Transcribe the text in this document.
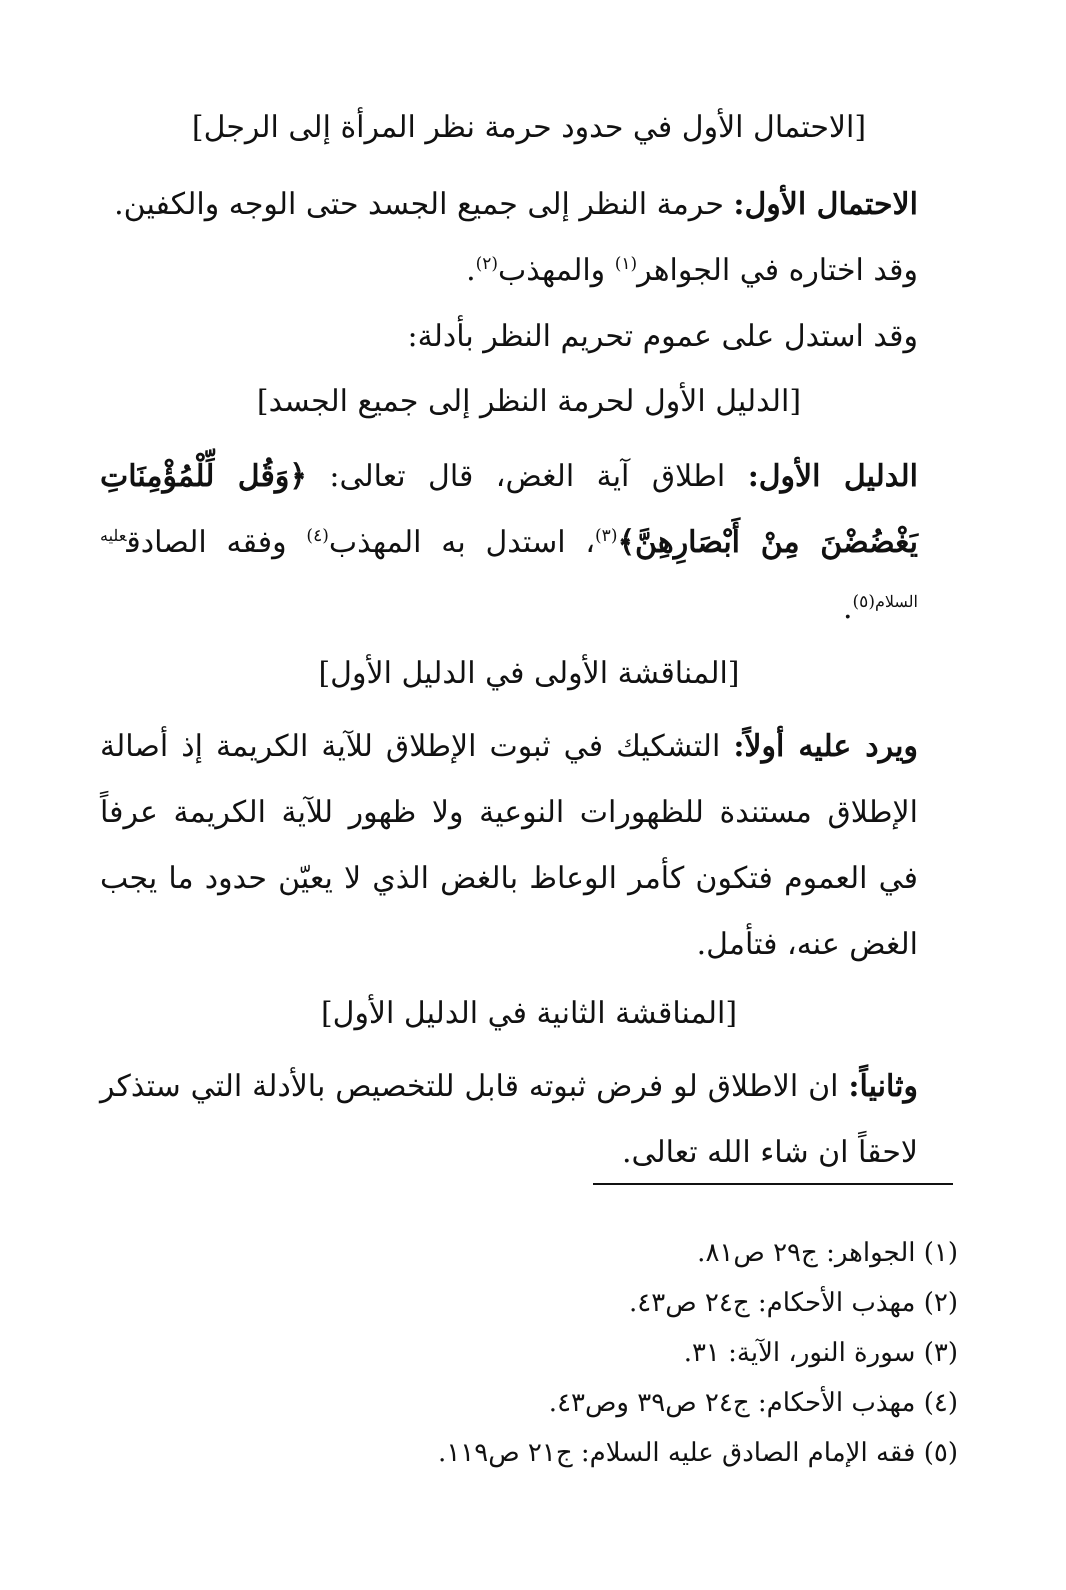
[الاحتمال الأول في حدود حرمة نظر المرأة إلى الرجل]

الاحتمال الأول: حرمة النظر إلى جميع الجسد حتى الوجه والكفين.

وقد اختاره في الجواهر$^{(١)}$ والمهذب$^{(٢)}$.

وقد استدل على عموم تحريم النظر بأدلة:

[الدليل الأول لحرمة النظر إلى جميع الجسد]

الدليل الأول: اطلاق آية الغض، قال تعالى: ﴿وَقُل لِّلْمُؤْمِنَاتِ يَغْضُضْنَ مِنْ أَبْصَارِهِنَّ﴾$^{(٣)}$، استدل به المهذب$^{(٤)}$ وفقه الصادق$^{عليه السلام(٥)}$.

[المناقشة الأولى في الدليل الأول]

ويرد عليه أولاً: التشكيك في ثبوت الإطلاق للآية الكريمة إذ أصالة الإطلاق مستندة للظهورات النوعية ولا ظهور للآية الكريمة عرفاً في العموم فتكون كأمر الوعاظ بالغض الذي لا يعيّن حدود ما يجب الغض عنه، فتأمل.

[المناقشة الثانية في الدليل الأول]

وثانياً: ان الاطلاق لو فرض ثبوته قابل للتخصيص بالأدلة التي ستذكر لاحقاً ان شاء الله تعالى.

(١) الجواهر: ج٢٩ ص٨١.

(٢) مهذب الأحكام: ج٢٤ ص٤٣.

(٣) سورة النور، الآية: ٣١.

(٤) مهذب الأحكام: ج٢٤ ص٣٩ وص٤٣.

(٥) فقه الإمام الصادق عليه السلام: ج٢١ ص١١٩.
